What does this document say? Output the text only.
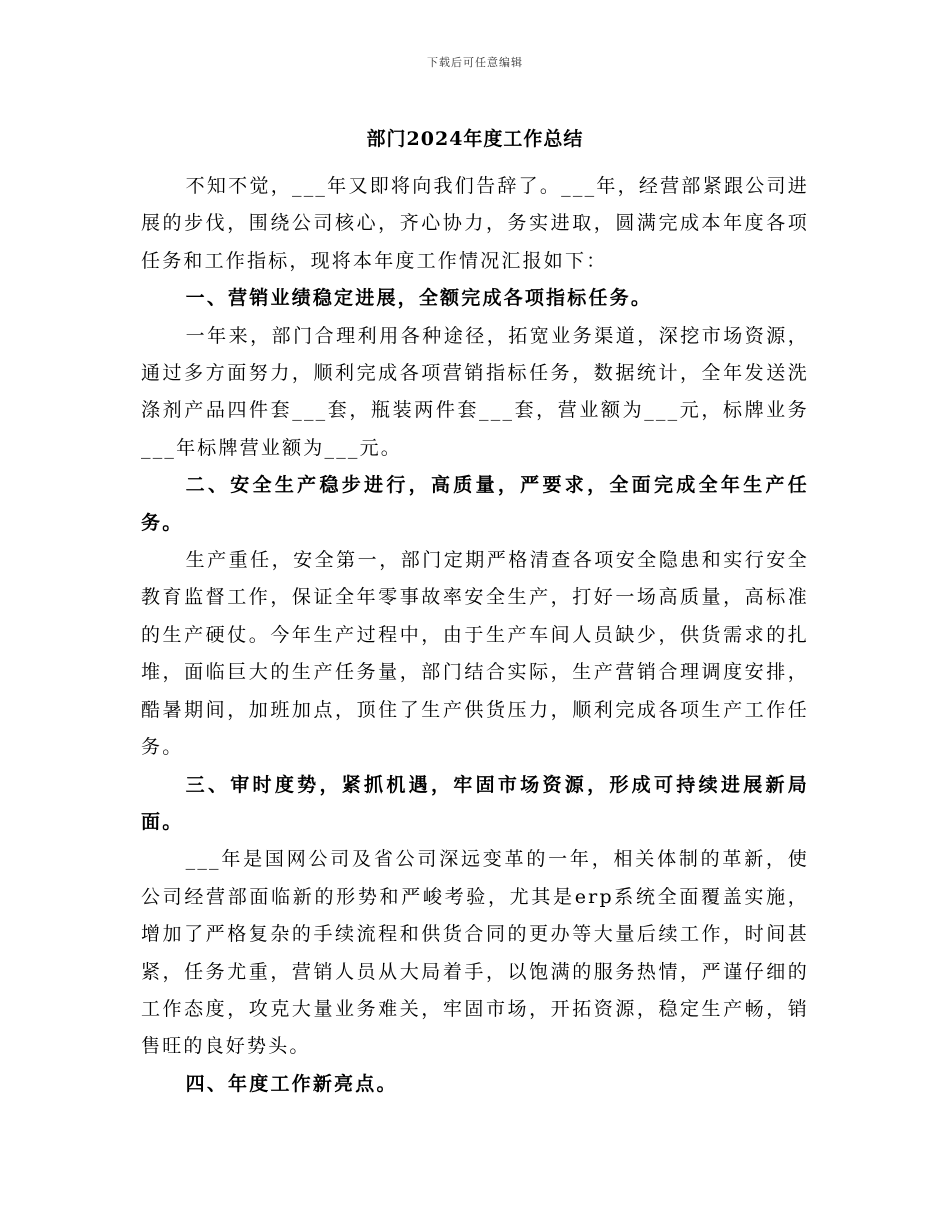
下载后可任意编辑
部门2024年度工作总结

不知不觉，___年又即将向我们告辞了。___年，经营部紧跟公司进展的步伐，围绕公司核心，齐心协力，务实进取，圆满完成本年度各项任务和工作指标，现将本年度工作情况汇报如下：

一、营销业绩稳定进展，全额完成各项指标任务。

一年来，部门合理利用各种途径，拓宽业务渠道，深挖市场资源，通过多方面努力，顺利完成各项营销指标任务，数据统计，全年发送洗涤剂产品四件套___套，瓶装两件套___套，营业额为___元，标牌业务___年标牌营业额为___元。

二、安全生产稳步进行，高质量，严要求，全面完成全年生产任务。

生产重任，安全第一，部门定期严格清查各项安全隐患和实行安全教育监督工作，保证全年零事故率安全生产，打好一场高质量，高标准的生产硬仗。今年生产过程中，由于生产车间人员缺少，供货需求的扎堆，面临巨大的生产任务量，部门结合实际，生产营销合理调度安排，酷暑期间，加班加点，顶住了生产供货压力，顺利完成各项生产工作任务。

三、审时度势，紧抓机遇，牢固市场资源，形成可持续进展新局面。

___年是国网公司及省公司深远变革的一年，相关体制的革新，使公司经营部面临新的形势和严峻考验，尤其是erp系统全面覆盖实施，增加了严格复杂的手续流程和供货合同的更办等大量后续工作，时间甚紧，任务尤重，营销人员从大局着手，以饱满的服务热情，严谨仔细的工作态度，攻克大量业务难关，牢固市场，开拓资源，稳定生产畅，销售旺的良好势头。

四、年度工作新亮点。
